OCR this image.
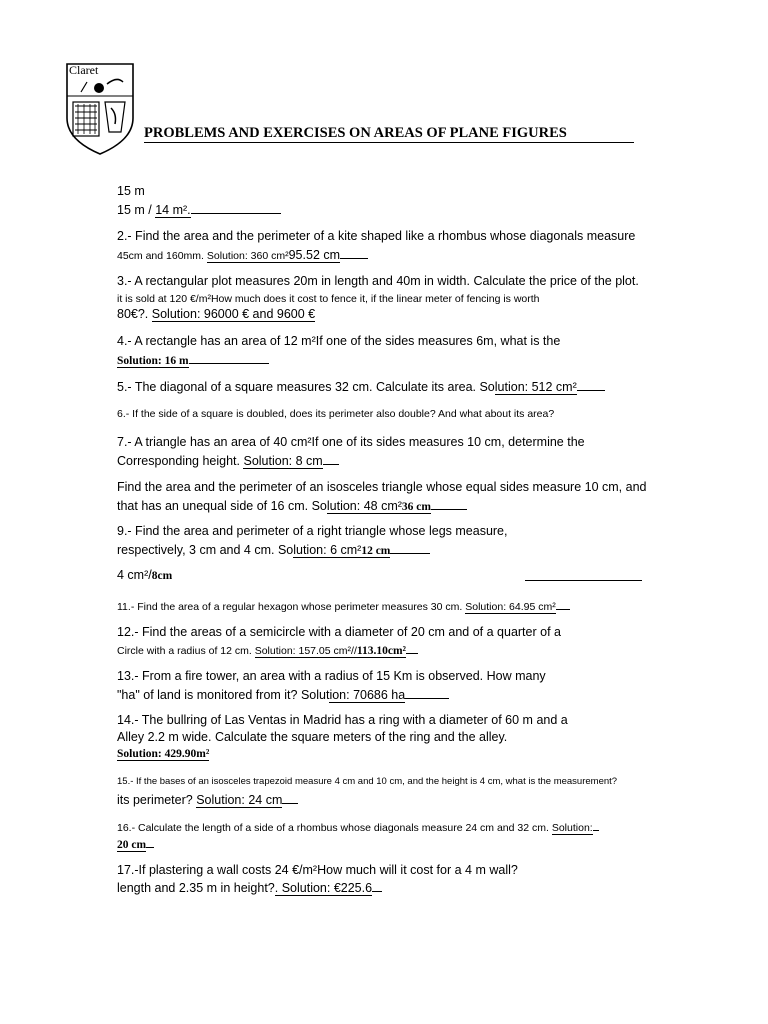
Claret
PROBLEMS AND EXERCISES ON AREAS OF PLANE FIGURES
15 m
15 m / 14 m².
2.- Find the area and the perimeter of a kite shaped like a rhombus whose diagonals measure
45cm and 160mm. Solution: 360 cm²95.52 cm
3.- A rectangular plot measures 20m in length and 40m in width. Calculate the price of the plot.
it is sold at 120 €/m²How much does it cost to fence it, if the linear meter of fencing is worth
80€?. Solution: 96000 € and 9600 €
4.- A rectangle has an area of 12 m²If one of the sides measures 6m, what is the
Solution: 16 m
5.- The diagonal of a square measures 32 cm. Calculate its area. Solution: 512 cm²
6.- If the side of a square is doubled, does its perimeter also double? And what about its area?
7.- A triangle has an area of 40 cm²If one of its sides measures 10 cm, determine the
Corresponding height. Solution: 8 cm
Find the area and the perimeter of an isosceles triangle whose equal sides measure 10 cm, and
that has an unequal side of 16 cm. Solution: 48 cm²36 cm
9.- Find the area and perimeter of a right triangle whose legs measure,
respectively, 3 cm and 4 cm. Solution: 6 cm²12 cm
4 cm²/8cm
11.- Find the area of a regular hexagon whose perimeter measures 30 cm. Solution: 64.95 cm²
12.- Find the areas of a semicircle with a diameter of 20 cm and of a quarter of a
Circle with a radius of 12 cm. Solution: 157.05 cm²//113.10cm²
13.- From a fire tower, an area with a radius of 15 Km is observed. How many
"ha" of land is monitored from it? Solution: 70686 ha
14.- The bullring of Las Ventas in Madrid has a ring with a diameter of 60 m and a
Alley 2.2 m wide. Calculate the square meters of the ring and the alley.
Solution: 429.90m²
15.- If the bases of an isosceles trapezoid measure 4 cm and 10 cm, and the height is 4 cm, what is the measurement?
its perimeter? Solution: 24 cm
16.- Calculate the length of a side of a rhombus whose diagonals measure 24 cm and 32 cm. Solution:
20 cm
17.-If plastering a wall costs 24 €/m²How much will it cost for a 4 m wall?
length and 2.35 m in height?. Solution: €225.6
